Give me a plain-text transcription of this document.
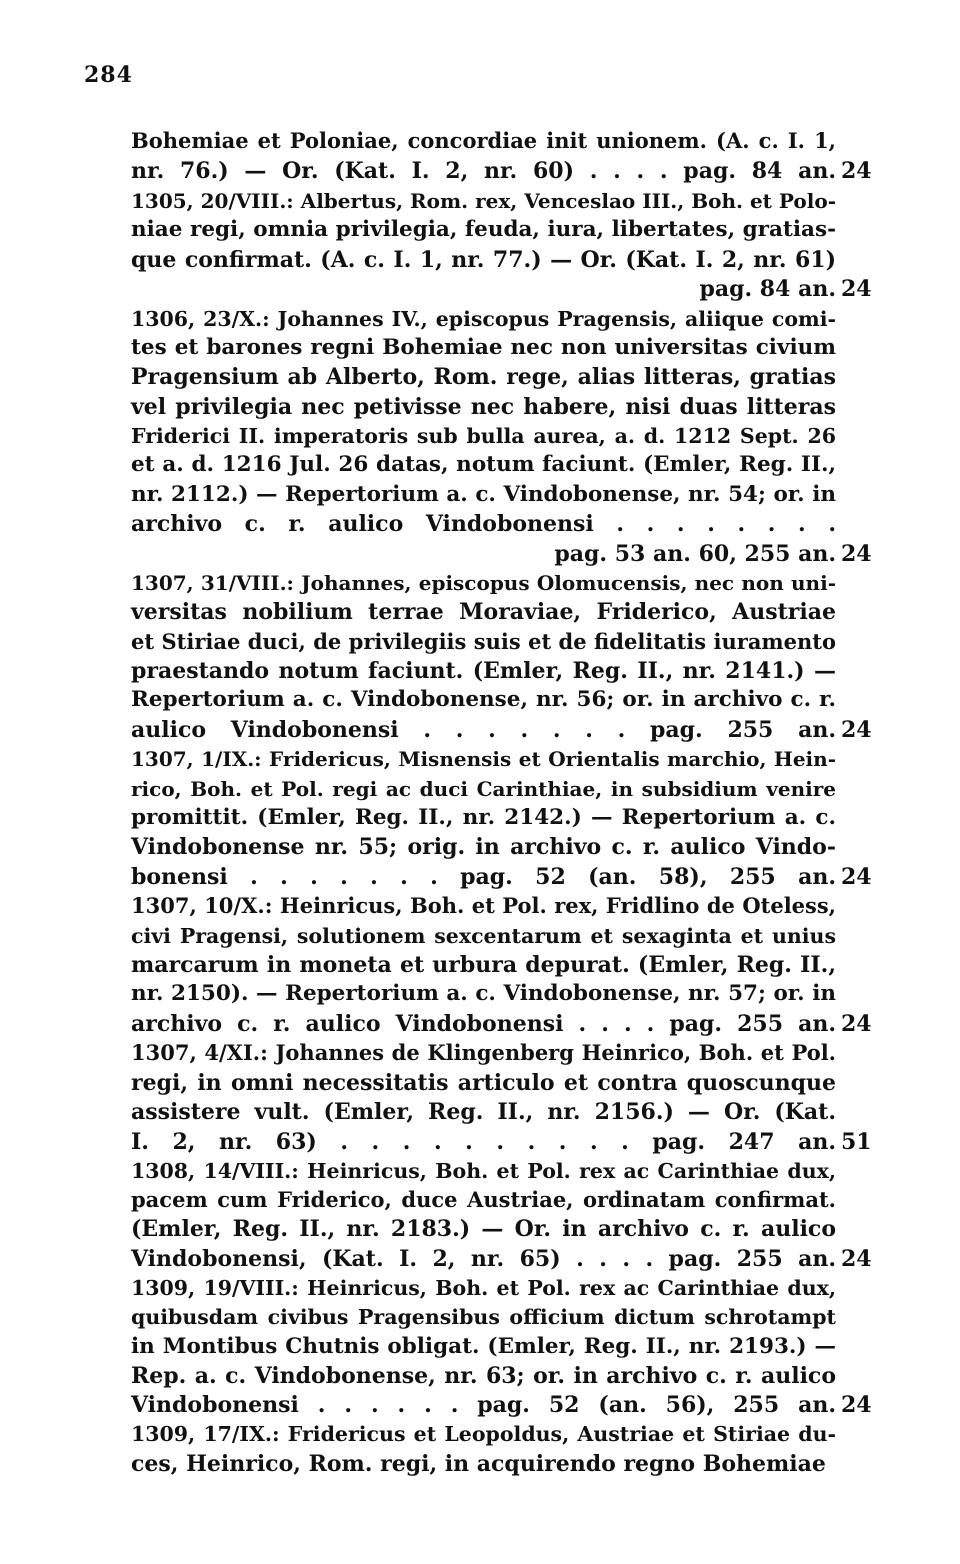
284
Bohemiae et Poloniae, concordiae init unionem. (A. c. I. 1,
nr. 76.) — Or. (Kat. I. 2, nr. 60) . . . . pag. 84 an.
1305, 20/VIII.: Albertus, Rom. rex, Venceslao III., Boh. et Polo-
niae regi, omnia privilegia, feuda, iura, libertates, gratias-
que confirmat. (A. c. I. 1, nr. 77.) — Or. (Kat. I. 2, nr. 61)
pag. 84 an.
1306, 23/X.: Johannes IV., episcopus Pragensis, aliique comi-
tes et barones regni Bohemiae nec non universitas civium
Pragensium ab Alberto, Rom. rege, alias litteras, gratias
vel privilegia nec petivisse nec habere, nisi duas litteras
Friderici II. imperatoris sub bulla aurea, a. d. 1212 Sept. 26
et a. d. 1216 Jul. 26 datas, notum faciunt. (Emler, Reg. II.,
nr. 2112.) — Repertorium a. c. Vindobonense, nr. 54; or. in
archivo c. r. aulico Vindobonensi . . . . . . . .
pag. 53 an. 60, 255 an.
1307, 31/VIII.: Johannes, episcopus Olomucensis, nec non uni-
versitas nobilium terrae Moraviae, Friderico, Austriae
et Stiriae duci, de privilegiis suis et de fidelitatis iuramento
praestando notum faciunt. (Emler, Reg. II., nr. 2141.) —
Repertorium a. c. Vindobonense, nr. 56; or. in archivo c. r.
aulico Vindobonensi . . . . . . . pag. 255 an.
1307, 1/IX.: Fridericus, Misnensis et Orientalis marchio, Hein-
rico, Boh. et Pol. regi ac duci Carinthiae, in subsidium venire
promittit. (Emler, Reg. II., nr. 2142.) — Repertorium a. c.
Vindobonense nr. 55; orig. in archivo c. r. aulico Vindo-
bonensi . . . . . . . pag. 52 (an. 58), 255 an.
1307, 10/X.: Heinricus, Boh. et Pol. rex, Fridlino de Oteless,
civi Pragensi, solutionem sexcentarum et sexaginta et unius
marcarum in moneta et urbura depurat. (Emler, Reg. II.,
nr. 2150). — Repertorium a. c. Vindobonense, nr. 57; or. in
archivo c. r. aulico Vindobonensi . . . . pag. 255 an.
1307, 4/XI.: Johannes de Klingenberg Heinrico, Boh. et Pol.
regi, in omni necessitatis articulo et contra quoscunque
assistere vult. (Emler, Reg. II., nr. 2156.) — Or. (Kat.
I. 2, nr. 63) . . . . . . . . . . pag. 247 an.
1308, 14/VIII.: Heinricus, Boh. et Pol. rex ac Carinthiae dux,
pacem cum Friderico, duce Austriae, ordinatam confirmat.
(Emler, Reg. II., nr. 2183.) — Or. in archivo c. r. aulico
Vindobonensi, (Kat. I. 2, nr. 65) . . . . pag. 255 an.
1309, 19/VIII.: Heinricus, Boh. et Pol. rex ac Carinthiae dux,
quibusdam civibus Pragensibus officium dictum schrotampt
in Montibus Chutnis obligat. (Emler, Reg. II., nr. 2193.) —
Rep. a. c. Vindobonense, nr. 63; or. in archivo c. r. aulico
Vindobonensi . . . . . . pag. 52 (an. 56), 255 an.
1309, 17/IX.: Fridericus et Leopoldus, Austriae et Stiriae du-
ces, Heinrico, Rom. regi, in acquirendo regno Bohemiae
24
24
24
24
24
24
51
24
24
